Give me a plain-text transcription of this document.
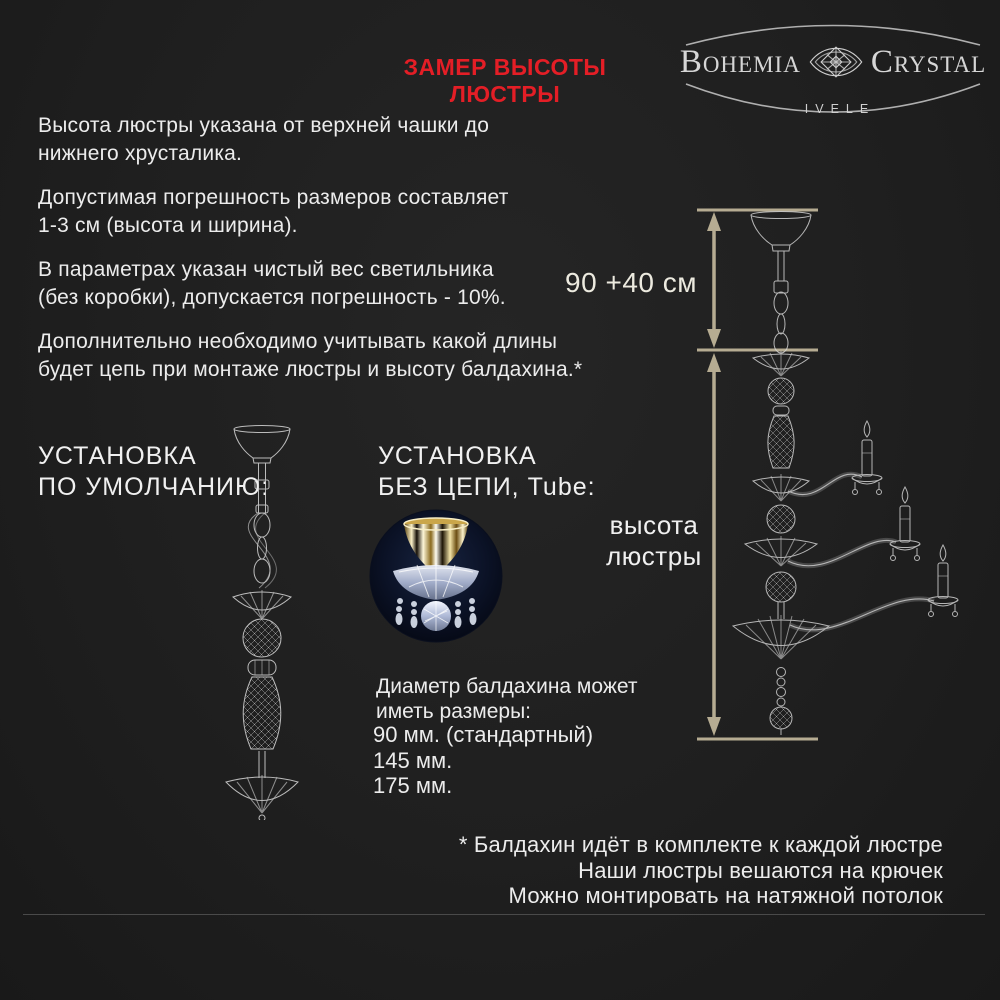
ЗАМЕР ВЫСОТЫ ЛЮСТРЫ
Bohemia Crystal
IVELE
Высота люстры указана от верхней чашки до
нижнего хрусталика.
Допустимая погрешность размеров составляет
1-3 см (высота и ширина).
В параметрах указан чистый вес светильника
(без коробки), допускается погрешность - 10%.
Дополнительно необходимо учитывать какой длины
будет цепь при монтаже люстры и высоту балдахина.*
90 +40 см
высота
люстры
УСТАНОВКА
ПО УМОЛЧАНИЮ:
УСТАНОВКА
БЕЗ ЦЕПИ, Tube:
Диаметр балдахина может
иметь размеры:
90 мм. (стандартный)
145 мм.
175 мм.
* Балдахин идёт в комплекте к каждой люстре
Наши люстры вешаются на крючек
Можно монтировать на натяжной потолок
